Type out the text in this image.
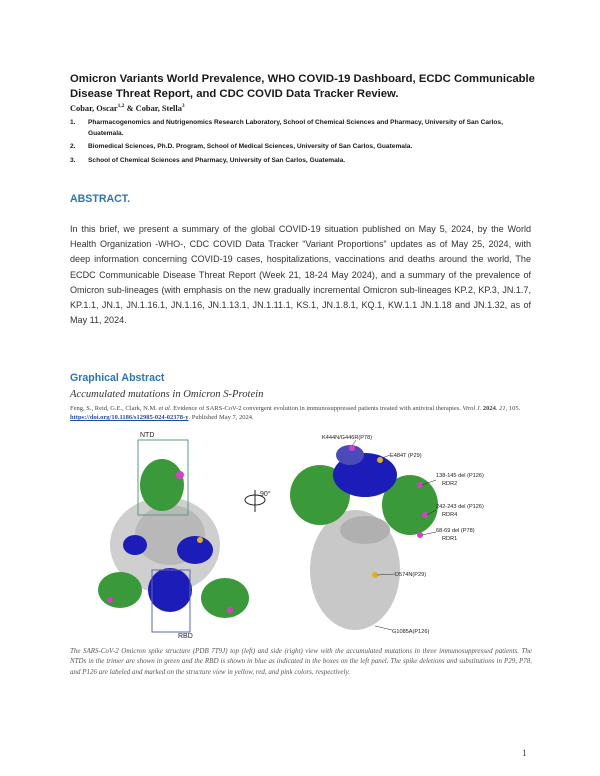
Omicron Variants World Prevalence, WHO COVID-19 Dashboard, ECDC Communicable Disease Threat Report, and CDC COVID Data Tracker Review.
Cobar, Oscar$^{1,2}$ & Cobar, Stella$^3$
1. Pharmacogenomics and Nutrigenomics Research Laboratory, School of Chemical Sciences and Pharmacy, University of San Carlos, Guatemala.
2. Biomedical Sciences, Ph.D. Program, School of Medical Sciences, University of San Carlos, Guatemala.
3. School of Chemical Sciences and Pharmacy, University of San Carlos, Guatemala.
ABSTRACT.

In this brief, we present a summary of the global COVID-19 situation published on May 5, 2024, by the World Health Organization -WHO-, CDC COVID Data Tracker “Variant Proportions” updates as of May 25, 2024, with deep information concerning COVID-19 cases, hospitalizations, vaccinations and deaths around the world, The ECDC Communicable Disease Threat Report (Week 21, 18-24 May 2024), and a summary of the prevalence of Omicron sub-lineages (with emphasis on the new gradually incremental Omicron sub-lineages KP.2, KP.3, JN.1.7, KP.1.1, JN.1, JN.1.16.1, JN.1.16, JN.1.13.1, JN.1.11.1, KS.1, JN.1.8.1, KQ.1, KW.1.1 JN.1.18 and JN.1.32, as of May 11, 2024.

Graphical Abstract
Accumulated mutations in Omicron S-Protein

Feng, S., Reid, G.E., Clark, N.M. et al. Evidence of SARS-CoV-2 convergent evolution in immunosuppressed patients treated with antiviral therapies. Virol J. 2024. 21, 105. https://doi.org/10.1186/s12985-024-02378-y. Published May 7, 2024.

NTD
RBD
90°
K444N/G446R(P78)
E484T (P29)
138-145 del (P126)
RDR2
242-243 del (P126)
RDR4
68-69 del (P78)
RDR1
D574N(P29)
G1085A(P126)

The SARS-CoV-2 Omicron spike structure (PDB 7T9J) top (left) and side (right) view with the accumulated mutations in three immunosuppressed patients. The NTDs in the trimer are shown in green and the RBD is shown in blue as indicated in the boxes on the left panel. The spike deletions and substitutions in P29, P78, and P126 are labeled and marked on the structure view in yellow, red, and pink colors, respectively.

1
